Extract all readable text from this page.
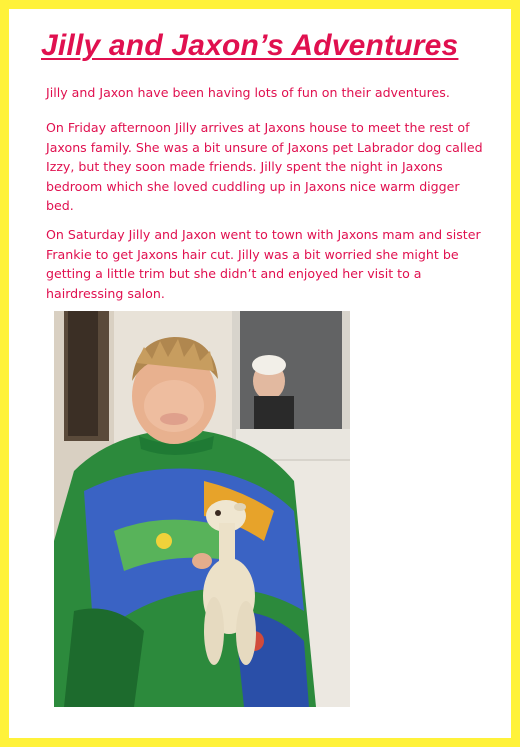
Jilly and Jaxon’s Adventures

Jilly and Jaxon have been having lots of fun on their adventures.

On Friday afternoon Jilly arrives at Jaxons house to meet the rest of Jaxons family. She was a bit unsure of Jaxons pet Labrador dog called Izzy, but they soon made friends. Jilly spent the night in Jaxons bedroom which she loved cuddling up in Jaxons nice warm digger bed.

On Saturday Jilly and Jaxon went to town with Jaxons mam and sister Frankie to get Jaxons hair cut. Jilly was a bit worried she might be getting a little trim but she didn’t and enjoyed her visit to a hairdressing salon.
